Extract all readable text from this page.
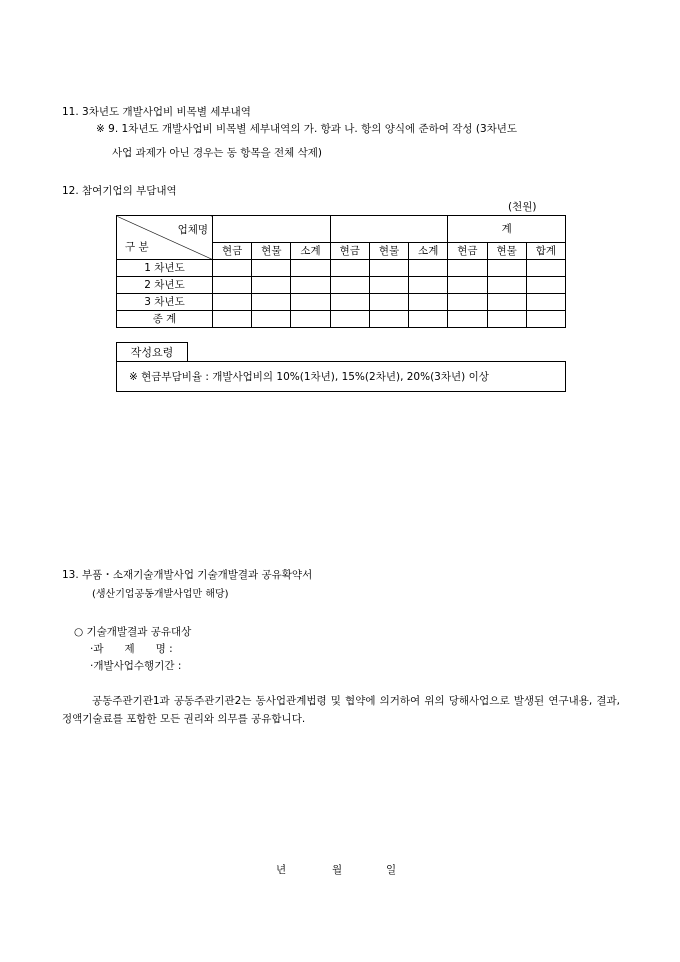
11. 3차년도 개발사업비 비목별 세부내역
※ 9. 1차년도 개발사업비 비목별 세부내역의 가. 항과 나. 항의 양식에 준하여 작성 (3차년도
사업 과제가 아닌 경우는 동 항목을 전체 삭제)
12. 참여기업의 부담내역
(천원)
업체명
구 분							계		
	현금	현물	소계	현금	현물	소계	현금	현물	합계
1 차년도									
2 차년도									
3 차년도									
종 계									
작성요령
※ 현금부담비율 : 개발사업비의 10%(1차년), 15%(2차년), 20%(3차년) 이상
13. 부품・소재기술개발사업 기술개발결과 공유확약서
(생산기업공동개발사업만 해당)
○ 기술개발결과 공유대상
·과　　제　　명 :
·개발사업수행기간 :
공동주관기관1과 공동주관기관2는 동사업관계법령 및 협약에 의거하여 위의 당해사업으로 발생된 연구내용, 결과, 정액기술료를 포함한 모든 권리와 의무를 공유합니다.
년	월	일
